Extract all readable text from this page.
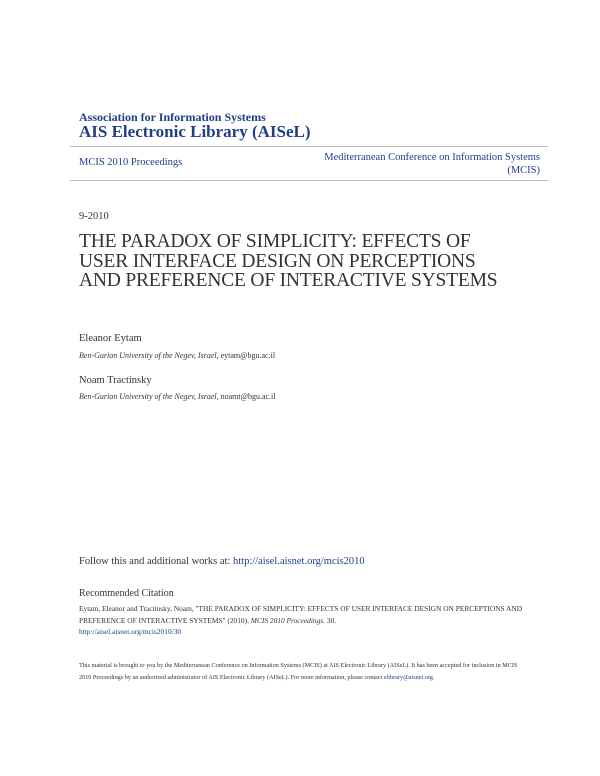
Association for Information Systems
AIS Electronic Library (AISeL)
MCIS 2010 Proceedings	Mediterranean Conference on Information Systems
(MCIS)
9-2010
THE PARADOX OF SIMPLICITY: EFFECTS OF USER INTERFACE DESIGN ON PERCEPTIONS AND PREFERENCE OF INTERACTIVE SYSTEMS
Eleanor Eytam
Ben-Gurion University of the Negev, Israel, eytam@bgu.ac.il
Noam Tractinsky
Ben-Gurion University of the Negev, Israel, noamt@bgu.ac.il
Follow this and additional works at: http://aisel.aisnet.org/mcis2010
Recommended Citation
Eytam, Eleanor and Tractinsky, Noam, "THE PARADOX OF SIMPLICITY: EFFECTS OF USER INTERFACE DESIGN ON PERCEPTIONS AND PREFERENCE OF INTERACTIVE SYSTEMS" (2010). MCIS 2010 Proceedings. 30.
http://aisel.aisnet.org/mcis2010/30
This material is brought to you by the Mediterranean Conference on Information Systems (MCIS) at AIS Electronic Library (AISeL). It has been accepted for inclusion in MCIS 2010 Proceedings by an authorized administrator of AIS Electronic Library (AISeL). For more information, please contact elibrary@aisnet.org.
